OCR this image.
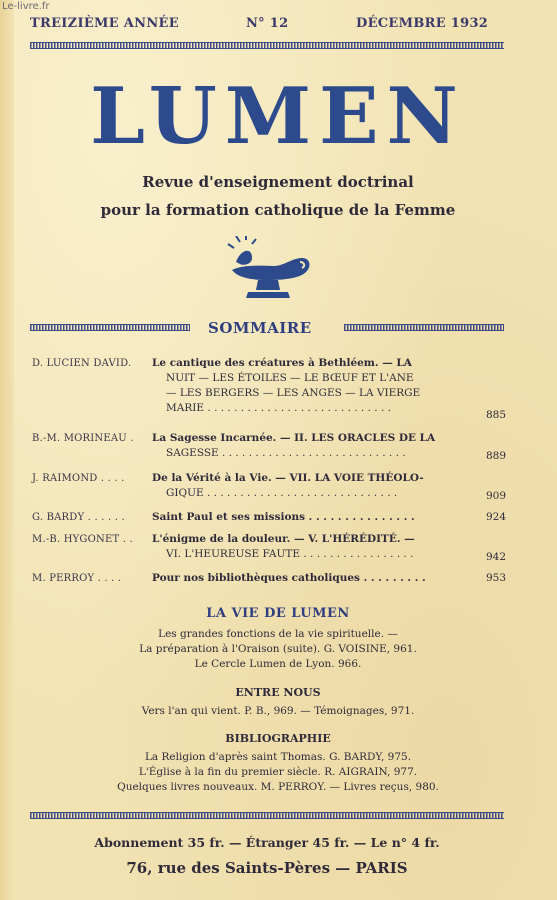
Le-livre.fr
TREIZIÈME ANNÉE	N° 12	DÉCEMBRE 1932
LUMEN
Revue d'enseignement doctrinal
pour la formation catholique de la Femme
SOMMAIRE
D. LUCIEN DAVID. Le cantique des créatures à Bethléem. — LA
NUIT — LES ÉTOILES — LE BŒUF ET L'ANE
— LES BERGERS — LES ANGES — LA VIERGE
MARIE . . . . . . . . . . . . . . . . . . . . . . . . . . . .
885
B.-M. MORINEAU . La Sagesse Incarnée. — II. LES ORACLES DE LA
SAGESSE . . . . . . . . . . . . . . . . . . . . . . . . . . . .	889
J. RAIMOND . . . .	De la Vérité à la Vie. — VII. LA VOIE THÉOLO-
GIQUE . . . . . . . . . . . . . . . . . . . . . . . . . . . . .	909
G. BARDY . . . . . .	Saint Paul et ses missions . . . . . . . . . . . . . . .	924
M.-B. HYGONET . . L'énigme de la douleur. — V. L'HÉRÉDITÉ. —
VI. L'HEUREUSE FAUTE . . . . . . . . . . . . . . . . .	942
M. PERROY . . . .	Pour nos bibliothèques catholiques . . . . . . . . .	953
LA VIE DE LUMEN
Les grandes fonctions de la vie spirituelle. —
La préparation à l'Oraison (suite). G. VOISINE, 961.
Le Cercle Lumen de Lyon. 966.
ENTRE NOUS
Vers l'an qui vient. P. B., 969. — Témoignages, 971.
BIBLIOGRAPHIE
La Religion d'après saint Thomas. G. BARDY, 975.
L'Église à la fin du premier siècle. R. AIGRAIN, 977.
Quelques livres nouveaux. M. PERROY. — Livres reçus, 980.
Abonnement 35 fr. — Étranger 45 fr. — Le n° 4 fr.
76, rue des Saints-Pères — PARIS
